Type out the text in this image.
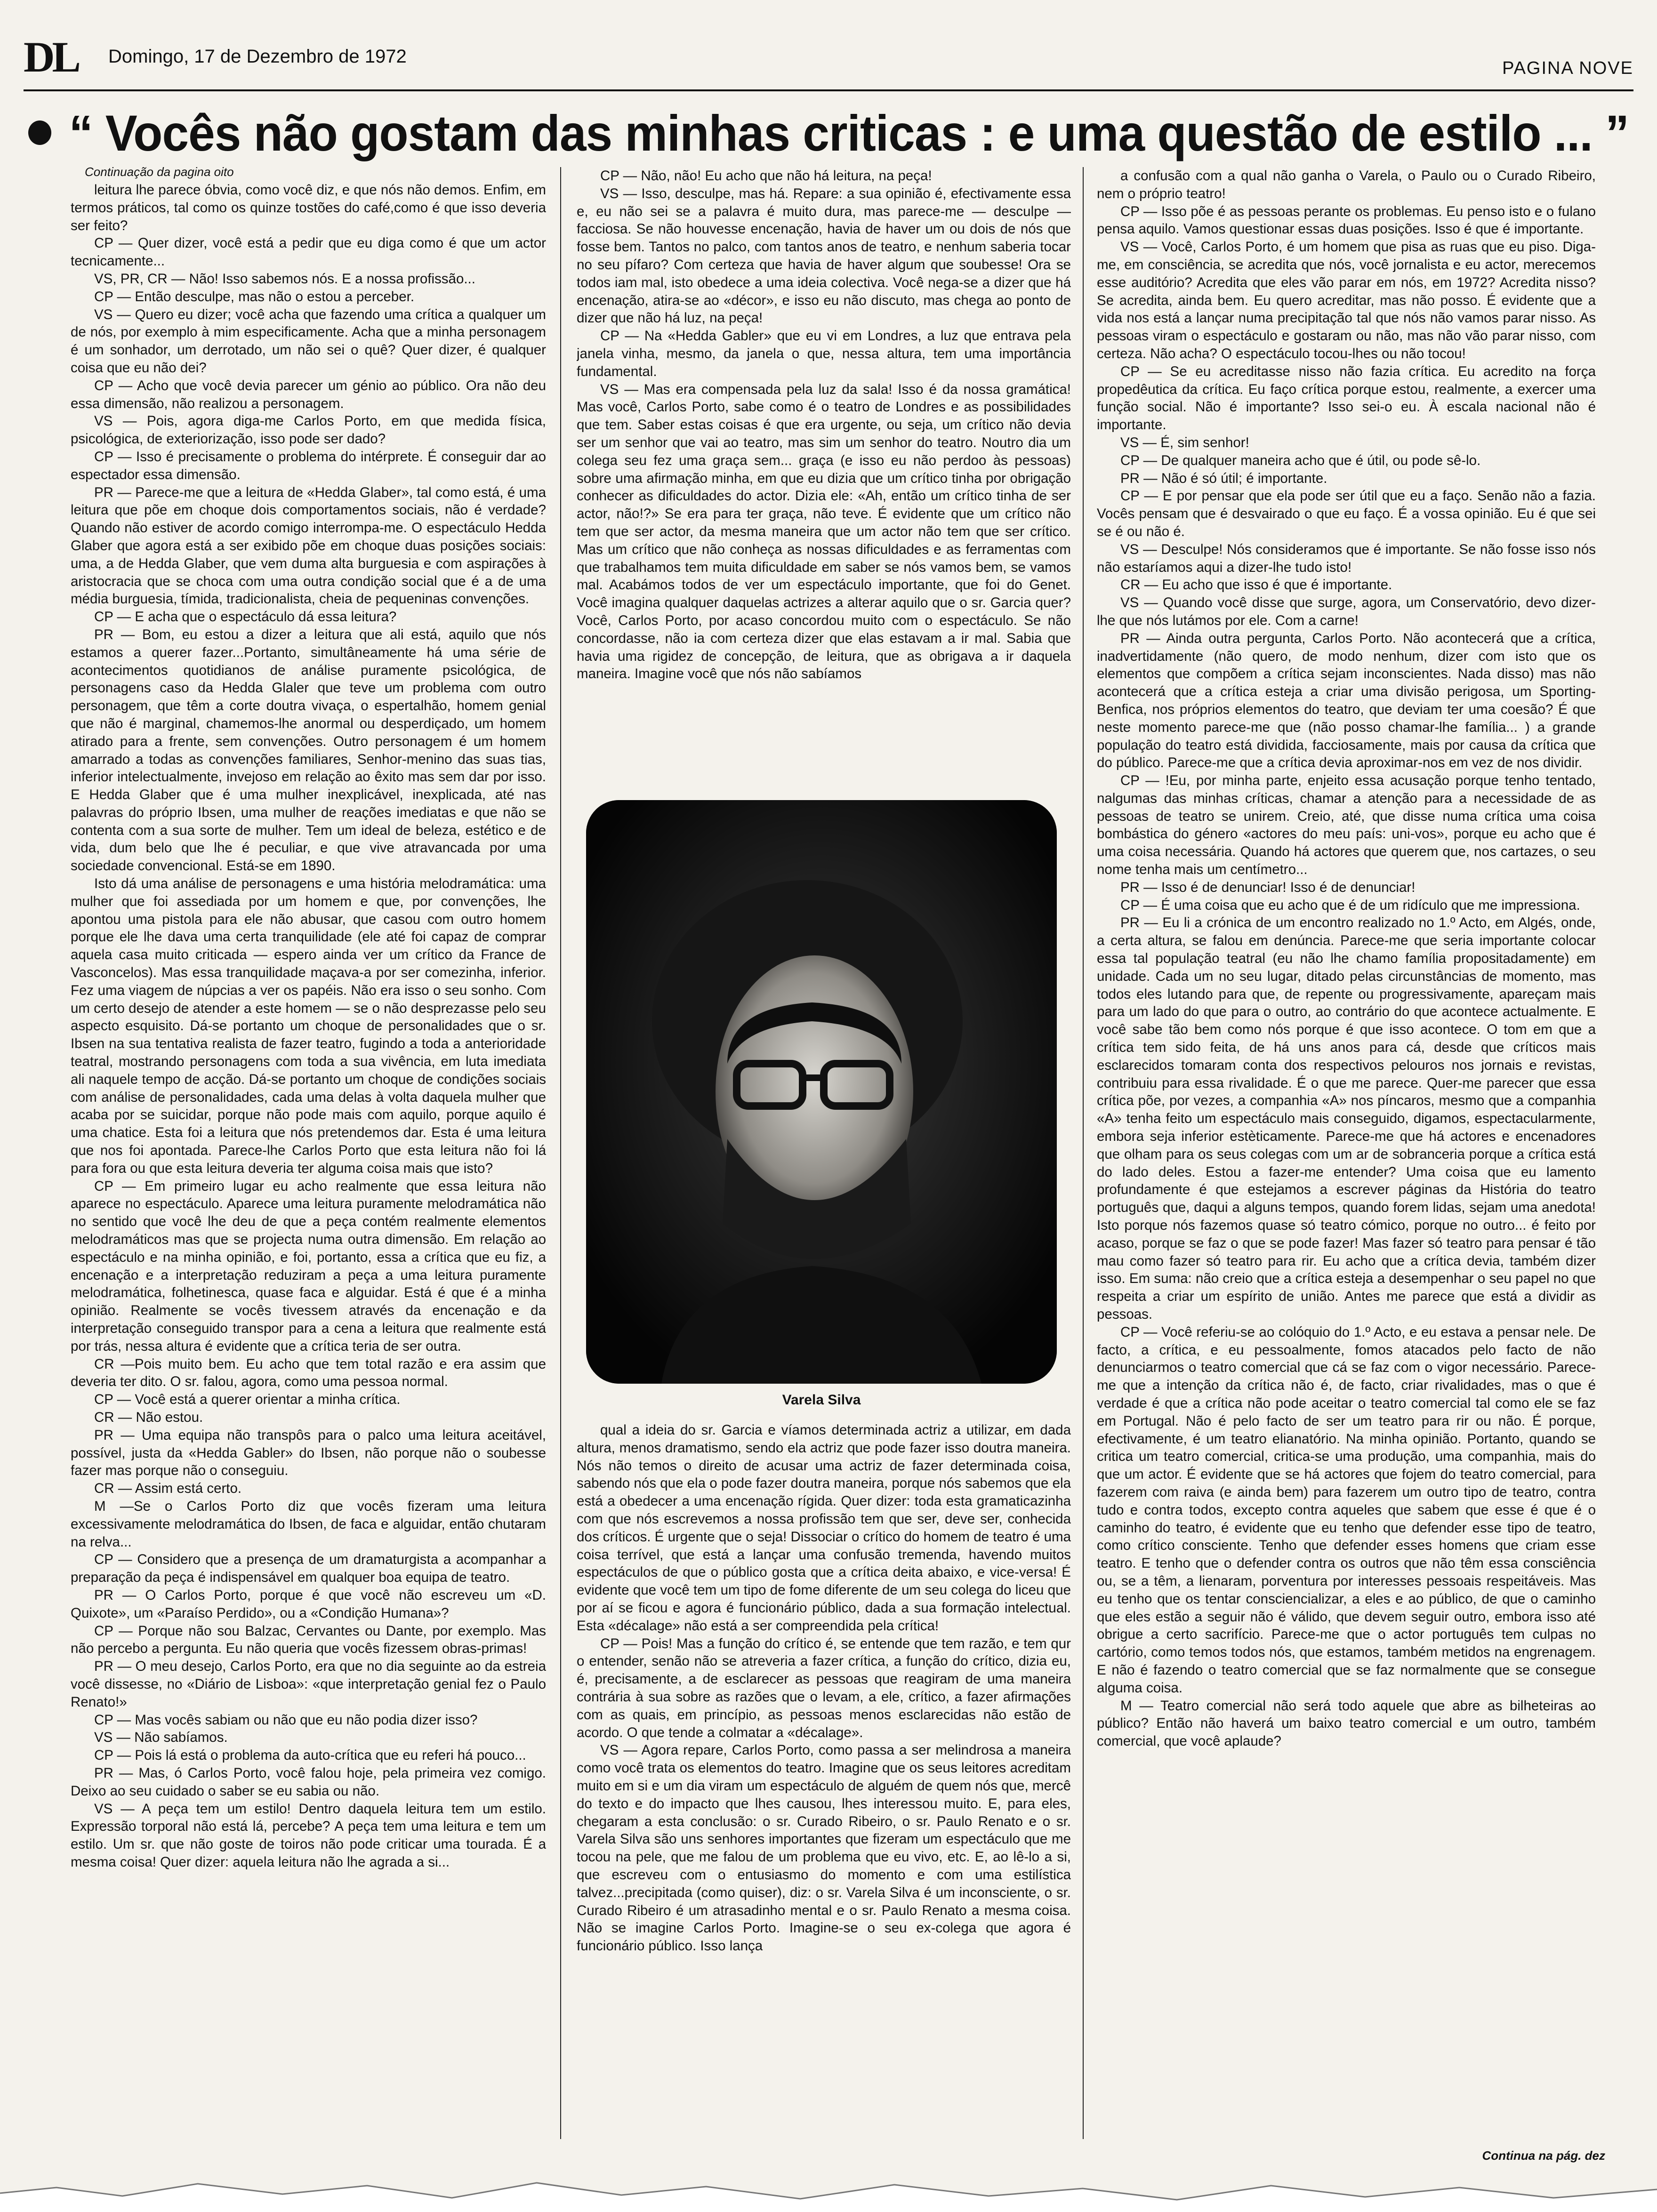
DL Domingo, 17 de Dezembro de 1972
PAGINA NOVE
“ Vocês não gostam das minhas criticas : e uma questão de estilo ... ”
Continuação da pagina oito

leitura lhe parece óbvia, como você diz, e que nós não demos. Enfim, em termos práticos, tal como os quinze tostões do café,como é que isso deveria ser feito?

CP — Quer dizer, você está a pedir que eu diga como é que um actor tecnicamente...

VS, PR, CR — Não! Isso sabemos nós. E a nossa profissão...

CP — Então desculpe, mas não o estou a perceber.

VS — Quero eu dizer; você acha que fazendo uma crítica a qualquer um de nós, por exemplo à mim especificamente. Acha que a minha personagem é um sonhador, um derrotado, um não sei o quê? Quer dizer, é qualquer coisa que eu não dei?

CP — Acho que você devia parecer um génio ao público. Ora não deu essa dimensão, não realizou a personagem.

VS — Pois, agora diga-me Carlos Porto, em que medida física, psicológica, de exteriorização, isso pode ser dado?

CP — Isso é precisamente o problema do intérprete. É conseguir dar ao espectador essa dimensão.

PR — Parece-me que a leitura de «Hedda Glaber», tal como está, é uma leitura que põe em choque dois comportamentos sociais, não é verdade? Quando não estiver de acordo comigo interrompa-me. O espectáculo Hedda Glaber que agora está a ser exibido põe em choque duas posições sociais: uma, a de Hedda Glaber, que vem duma alta burguesia e com aspirações à aristocracia que se choca com uma outra condição social que é a de uma média burguesia, tímida, tradicionalista, cheia de pequeninas convenções.

CP — E acha que o espectáculo dá essa leitura?

PR — Bom, eu estou a dizer a leitura que ali está, aquilo que nós estamos a querer fazer...Portanto, simultâneamente há uma série de acontecimentos quotidianos de análise puramente psicológica, de personagens caso da Hedda Glaler que teve um problema com outro personagem, que têm a corte doutra vivaça, o espertalhão, homem genial que não é marginal, chamemos-lhe anormal ou desperdiçado, um homem atirado para a frente, sem convenções. Outro personagem é um homem amarrado a todas as convenções familiares, Senhor-menino das suas tias, inferior intelectualmente, invejoso em relação ao êxito mas sem dar por isso. E Hedda Glaber que é uma mulher inexplicável, inexplicada, até nas palavras do próprio Ibsen, uma mulher de reações imediatas e que não se contenta com a sua sorte de mulher. Tem um ideal de beleza, estético e de vida, dum belo que lhe é peculiar, e que vive atravancada por uma sociedade convencional. Está-se em 1890.

Isto dá uma análise de personagens e uma história melodramática: uma mulher que foi assediada por um homem e que, por convenções, lhe apontou uma pistola para ele não abusar, que casou com outro homem porque ele lhe dava uma certa tranquilidade (ele até foi capaz de comprar aquela casa muito criticada — espero ainda ver um crítico da France de Vasconcelos). Mas essa tranquilidade maçava-a por ser comezinha, inferior. Fez uma viagem de núpcias a ver os papéis. Não era isso o seu sonho. Com um certo desejo de atender a este homem — se o não desprezasse pelo seu aspecto esquisito. Dá-se portanto um choque de personalidades que o sr. Ibsen na sua tentativa realista de fazer teatro, fugindo a toda a anterioridade teatral, mostrando personagens com toda a sua vivência, em luta imediata ali naquele tempo de acção. Dá-se portanto um choque de condições sociais com análise de personalidades, cada uma delas à volta daquela mulher que acaba por se suicidar, porque não pode mais com aquilo, porque aquilo é uma chatice. Esta foi a leitura que nós pretendemos dar. Esta é uma leitura que nos foi apontada. Parece-lhe Carlos Porto que esta leitura não foi lá para fora ou que esta leitura deveria ter alguma coisa mais que isto?

CP — Em primeiro lugar eu acho realmente que essa leitura não aparece no espectáculo. Aparece uma leitura puramente melodramática não no sentido que você lhe deu de que a peça contém realmente elementos melodramáticos mas que se projecta numa outra dimensão. Em relação ao espectáculo e na minha opinião, e foi, portanto, essa a crítica que eu fiz, a encenação e a interpretação reduziram a peça a uma leitura puramente melodramática, folhetinesca, quase faca e alguidar. Está é que é a minha opinião. Realmente se vocês tivessem através da encenação e da interpretação conseguido transpor para a cena a leitura que realmente está por trás, nessa altura é evidente que a crítica teria de ser outra.

CR —Pois muito bem. Eu acho que tem total razão e era assim que deveria ter dito. O sr. falou, agora, como uma pessoa normal.

CP — Você está a querer orientar a minha crítica.

CR — Não estou.

PR — Uma equipa não transpôs para o palco uma leitura aceitável, possível, justa da «Hedda Gabler» do Ibsen, não porque não o soubesse fazer mas porque não o conseguiu.

CR — Assim está certo.

M —Se o Carlos Porto diz que vocês fizeram uma leitura excessivamente melodramática do Ibsen, de faca e alguidar, então chutaram na relva...

CP — Considero que a presença de um dramaturgista a acompanhar a preparação da peça é indispensável em qualquer boa equipa de teatro.

PR — O Carlos Porto, porque é que você não escreveu um «D. Quixote», um «Paraíso Perdido», ou a «Condição Humana»?

CP — Porque não sou Balzac, Cervantes ou Dante, por exemplo. Mas não percebo a pergunta. Eu não queria que vocês fizessem obras-primas!

PR — O meu desejo, Carlos Porto, era que no dia seguinte ao da estreia você dissesse, no «Diário de Lisboa»: «que interpretação genial fez o Paulo Renato!»

CP — Mas vocês sabiam ou não que eu não podia dizer isso?

VS — Não sabíamos.

CP — Pois lá está o problema da auto-crítica que eu referi há pouco...

PR — Mas, ó Carlos Porto, você falou hoje, pela primeira vez comigo. Deixo ao seu cuidado o saber se eu sabia ou não.

VS — A peça tem um estilo! Dentro daquela leitura tem um estilo. Expressão torporal não está lá, percebe? A peça tem uma leitura e tem um estilo. Um sr. que não goste de toiros não pode criticar uma tourada. É a mesma coisa! Quer dizer: aquela leitura não lhe agrada a si...

CP — Não, não! Eu acho que não há leitura, na peça!

VS — Isso, desculpe, mas há. Repare: a sua opinião é, efectivamente essa e, eu não sei se a palavra é muito dura, mas parece-me — desculpe — facciosa. Se não houvesse encenação, havia de haver um ou dois de nós que fosse bem. Tantos no palco, com tantos anos de teatro, e nenhum saberia tocar no seu pífaro? Com certeza que havia de haver algum que soubesse! Ora se todos iam mal, isto obedece a uma ideia colectiva. Você nega-se a dizer que há encenação, atira-se ao «décor», e isso eu não discuto, mas chega ao ponto de dizer que não há luz, na peça!

CP — Na «Hedda Gabler» que eu vi em Londres, a luz que entrava pela janela vinha, mesmo, da janela o que, nessa altura, tem uma importância fundamental.

VS — Mas era compensada pela luz da sala! Isso é da nossa gramática! Mas você, Carlos Porto, sabe como é o teatro de Londres e as possibilidades que tem. Saber estas coisas é que era urgente, ou seja, um crítico não devia ser um senhor que vai ao teatro, mas sim um senhor do teatro. Noutro dia um colega seu fez uma graça sem... graça (e isso eu não perdoo às pessoas) sobre uma afirmação minha, em que eu dizia que um crítico tinha por obrigação conhecer as dificuldades do actor. Dizia ele: «Ah, então um crítico tinha de ser actor, não!?» Se era para ter graça, não teve. É evidente que um crítico não tem que ser actor, da mesma maneira que um actor não tem que ser crítico. Mas um crítico que não conheça as nossas dificuldades e as ferramentas com que trabalhamos tem muita dificuldade em saber se nós vamos bem, se vamos mal. Acabámos todos de ver um espectáculo importante, que foi do Genet. Você imagina qualquer daquelas actrizes a alterar aquilo que o sr. Garcia quer? Você, Carlos Porto, por acaso concordou muito com o espectáculo. Se não concordasse, não ia com certeza dizer que elas estavam a ir mal. Sabia que havia uma rigidez de concepção, de leitura, que as obrigava a ir daquela maneira. Imagine você que nós não sabíamos

Varela Silva

qual a ideia do sr. Garcia e víamos determinada actriz a utilizar, em dada altura, menos dramatismo, sendo ela actriz que pode fazer isso doutra maneira. Nós não temos o direito de acusar uma actriz de fazer determinada coisa, sabendo nós que ela o pode fazer doutra maneira, porque nós sabemos que ela está a obedecer a uma encenação rígida. Quer dizer: toda esta gramaticazinha com que nós escrevemos a nossa profissão tem que ser, deve ser, conhecida dos críticos. É urgente que o seja! Dissociar o crítico do homem de teatro é uma coisa terrível, que está a lançar uma confusão tremenda, havendo muitos espectáculos de que o público gosta que a crítica deita abaixo, e vice-versa! É evidente que você tem um tipo de fome diferente de um seu colega do liceu que por aí se ficou e agora é funcionário público, dada a sua formação intelectual. Esta «décalage» não está a ser compreendida pela crítica!

CP — Pois! Mas a função do crítico é, se entende que tem razão, e tem qur o entender, senão não se atreveria a fazer crítica, a função do crítico, dizia eu, é, precisamente, a de esclarecer as pessoas que reagiram de uma maneira contrária à sua sobre as razões que o levam, a ele, crítico, a fazer afirmações com as quais, em princípio, as pessoas menos esclarecidas não estão de acordo. O que tende a colmatar a «décalage».

VS — Agora repare, Carlos Porto, como passa a ser melindrosa a maneira como você trata os elementos do teatro. Imagine que os seus leitores acreditam muito em si e um dia viram um espectáculo de alguém de quem nós que, mercê do texto e do impacto que lhes causou, lhes interessou muito. E, para eles, chegaram a esta conclusão: o sr. Curado Ribeiro, o sr. Paulo Renato e o sr. Varela Silva são uns senhores importantes que fizeram um espectáculo que me tocou na pele, que me falou de um problema que eu vivo, etc. E, ao lê-lo a si, que escreveu com o entusiasmo do momento e com uma estilística talvez...precipitada (como quiser), diz: o sr. Varela Silva é um inconsciente, o sr. Curado Ribeiro é um atrasadinho mental e o sr. Paulo Renato a mesma coisa. Não se imagine Carlos Porto. Imagine-se o seu ex-colega que agora é funcionário público. Isso lança

a confusão com a qual não ganha o Varela, o Paulo ou o Curado Ribeiro, nem o próprio teatro!

CP — Isso põe é as pessoas perante os problemas. Eu penso isto e o fulano pensa aquilo. Vamos questionar essas duas posições. Isso é que é importante.

VS — Você, Carlos Porto, é um homem que pisa as ruas que eu piso. Diga-me, em consciência, se acredita que nós, você jornalista e eu actor, merecemos esse auditório? Acredita que eles vão parar em nós, em 1972? Acredita nisso? Se acredita, ainda bem. Eu quero acreditar, mas não posso. É evidente que a vida nos está a lançar numa precipitação tal que nós não vamos parar nisso. As pessoas viram o espectáculo e gostaram ou não, mas não vão parar nisso, com certeza. Não acha? O espectáculo tocou-lhes ou não tocou!

CP — Se eu acreditasse nisso não fazia crítica. Eu acredito na força propedêutica da crítica. Eu faço crítica porque estou, realmente, a exercer uma função social. Não é importante? Isso sei-o eu. À escala nacional não é importante.

VS — É, sim senhor!

CP — De qualquer maneira acho que é útil, ou pode sê-lo.

PR — Não é só útil; é importante.

CP — E por pensar que ela pode ser útil que eu a faço. Senão não a fazia. Vocês pensam que é desvairado o que eu faço. É a vossa opinião. Eu é que sei se é ou não é.

VS — Desculpe! Nós consideramos que é importante. Se não fosse isso nós não estaríamos aqui a dizer-lhe tudo isto!

CR — Eu acho que isso é que é importante.

VS — Quando você disse que surge, agora, um Conservatório, devo dizer-lhe que nós lutámos por ele. Com a carne!

PR — Ainda outra pergunta, Carlos Porto. Não acontecerá que a crítica, inadvertidamente (não quero, de modo nenhum, dizer com isto que os elementos que compõem a crítica sejam inconscientes. Nada disso) mas não acontecerá que a crítica esteja a criar uma divisão perigosa, um Sporting-Benfica, nos próprios elementos do teatro, que deviam ter uma coesão? É que neste momento parece-me que (não posso chamar-lhe família... ) a grande população do teatro está dividida, facciosamente, mais por causa da crítica que do público. Parece-me que a crítica devia aproximar-nos em vez de nos dividir.

CP — !Eu, por minha parte, enjeito essa acusação porque tenho tentado, nalgumas das minhas críticas, chamar a atenção para a necessidade de as pessoas de teatro se unirem. Creio, até, que disse numa crítica uma coisa bombástica do género «actores do meu país: uni-vos», porque eu acho que é uma coisa necessária. Quando há actores que querem que, nos cartazes, o seu nome tenha mais um centímetro...

PR — Isso é de denunciar! Isso é de denunciar!

CP — É uma coisa que eu acho que é de um ridículo que me impressiona.

PR — Eu li a crónica de um encontro realizado no 1.º Acto, em Algés, onde, a certa altura, se falou em denúncia. Parece-me que seria importante colocar essa tal população teatral (eu não lhe chamo família propositadamente) em unidade. Cada um no seu lugar, ditado pelas circunstâncias de momento, mas todos eles lutando para que, de repente ou progressivamente, apareçam mais para um lado do que para o outro, ao contrário do que acontece actualmente. E você sabe tão bem como nós porque é que isso acontece. O tom em que a crítica tem sido feita, de há uns anos para cá, desde que críticos mais esclarecidos tomaram conta dos respectivos pelouros nos jornais e revistas, contribuiu para essa rivalidade. É o que me parece. Quer-me parecer que essa crítica põe, por vezes, a companhia «A» nos píncaros, mesmo que a companhia «A» tenha feito um espectáculo mais conseguido, digamos, espectacularmente, embora seja inferior estèticamente. Parece-me que há actores e encenadores que olham para os seus colegas com um ar de sobranceria porque a crítica está do lado deles. Estou a fazer-me entender? Uma coisa que eu lamento profundamente é que estejamos a escrever páginas da História do teatro português que, daqui a alguns tempos, quando forem lidas, sejam uma anedota! Isto porque nós fazemos quase só teatro cómico, porque no outro... é feito por acaso, porque se faz o que se pode fazer! Mas fazer só teatro para pensar é tão mau como fazer só teatro para rir. Eu acho que a crítica devia, também dizer isso. Em suma: não creio que a crítica esteja a desempenhar o seu papel no que respeita a criar um espírito de união. Antes me parece que está a dividir as pessoas.

CP — Você referiu-se ao colóquio do 1.º Acto, e eu estava a pensar nele. De facto, a crítica, e eu pessoalmente, fomos atacados pelo facto de não denunciarmos o teatro comercial que cá se faz com o vigor necessário. Parece-me que a intenção da crítica não é, de facto, criar rivalidades, mas o que é verdade é que a crítica não pode aceitar o teatro comercial tal como ele se faz em Portugal. Não é pelo facto de ser um teatro para rir ou não. É porque, efectivamente, é um teatro elianatório. Na minha opinião. Portanto, quando se critica um teatro comercial, critica-se uma produção, uma companhia, mais do que um actor. É evidente que se há actores que fojem do teatro comercial, para fazerem com raiva (e ainda bem) para fazerem um outro tipo de teatro, contra tudo e contra todos, excepto contra aqueles que sabem que esse é que é o caminho do teatro, é evidente que eu tenho que defender esse tipo de teatro, como crítico consciente. Tenho que defender esses homens que criam esse teatro. E tenho que o defender contra os outros que não têm essa consciência ou, se a têm, a lienaram, porventura por interesses pessoais respeitáveis. Mas eu tenho que os tentar consciencializar, a eles e ao público, de que o caminho que eles estão a seguir não é válido, que devem seguir outro, embora isso até obrigue a certo sacrifício. Parece-me que o actor português tem culpas no cartório, como temos todos nós, que estamos, também metidos na engrenagem. E não é fazendo o teatro comercial que se faz normalmente que se consegue alguma coisa.

M — Teatro comercial não será todo aquele que abre as bilheteiras ao público? Então não haverá um baixo teatro comercial e um outro, também comercial, que você aplaude?

Continua na pág. dez
